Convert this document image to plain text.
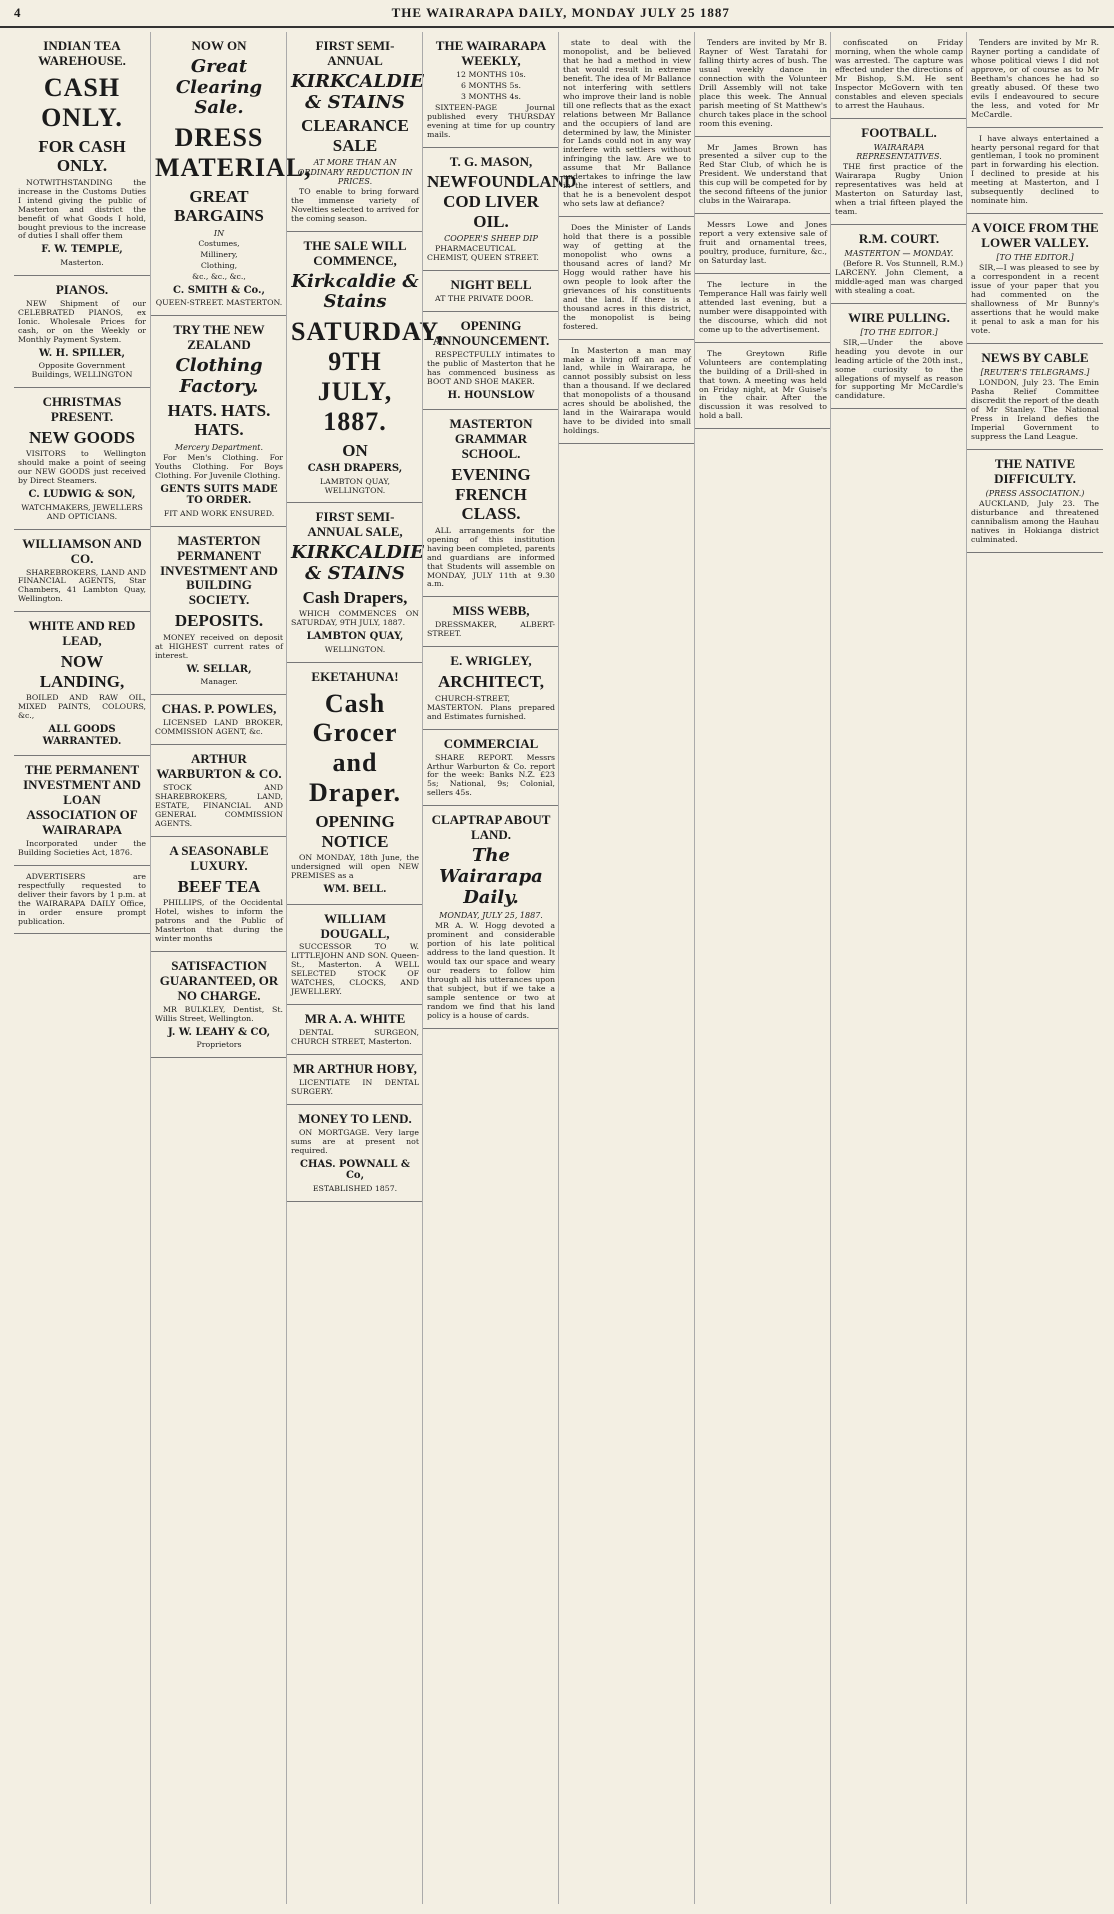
4	THE WAIRARAPA DAILY, MONDAY JULY 25 1887
INDIAN TEA WAREHOUSE.
CASH ONLY.
FOR CASH ONLY.
NOTWITHSTANDING the increase in the Customs Duties I intend giving the public of Masterton and district the benefit of what Goods I hold, bought previous to the increase of duties I shall offer them
F. W. TEMPLE,
Masterton.
PIANOS.
NEW Shipment of our CELEBRATED PIANOS, ex Ionic. Wholesale Prices for cash, or on the Weekly or Monthly Payment System.
W. H. SPILLER,
Opposite Government Buildings, WELLINGTON
CHRISTMAS PRESENT.
NEW GOODS
VISITORS to Wellington should make a point of seeing our NEW GOODS just received by Direct Steamers.
C. LUDWIG & SON,
WATCHMAKERS, JEWELLERS AND OPTICIANS.
WILLIAMSON AND CO.
SHAREBROKERS, LAND AND FINANCIAL AGENTS, Star Chambers, 41 Lambton Quay, Wellington.
WHITE AND RED LEAD,
NOW LANDING,
BOILED AND RAW OIL, MIXED PAINTS, COLOURS, &c.,
ALL GOODS WARRANTED.
THE PERMANENT INVESTMENT AND LOAN ASSOCIATION OF WAIRARAPA
Incorporated under the Building Societies Act, 1876.
ADVERTISERS are respectfully requested to deliver their favors by 1 p.m. at the WAIRARAPA DAILY Office, in order ensure prompt publication.
NOW ON
Great Clearing Sale.
DRESS MATERIAL,
GREAT BARGAINS
IN
Costumes,
Millinery,
Clothing,
&c., &c., &c.,
C. SMITH & Co.,
QUEEN-STREET. MASTERTON.
TRY THE NEW ZEALAND
Clothing Factory.
HATS. HATS. HATS.
Mercery Department.
For Men's Clothing. For Youths Clothing. For Boys Clothing. For Juvenile Clothing.
GENTS SUITS MADE TO ORDER.
FIT AND WORK ENSURED.
MASTERTON PERMANENT INVESTMENT AND BUILDING SOCIETY.
DEPOSITS.
MONEY received on deposit at HIGHEST current rates of interest.
W. SELLAR,
Manager.
CHAS. P. POWLES,
LICENSED LAND BROKER, COMMISSION AGENT, &c.
ARTHUR WARBURTON & CO.
STOCK AND SHAREBROKERS, LAND, ESTATE, FINANCIAL AND GENERAL COMMISSION AGENTS.
A SEASONABLE LUXURY.
BEEF TEA
PHILLIPS, of the Occidental Hotel, wishes to inform the patrons and the Public of Masterton that during the winter months
SATISFACTION GUARANTEED, OR NO CHARGE.
MR BULKLEY, Dentist, St. Willis Street, Wellington.
J. W. LEAHY & CO,
Proprietors
FIRST SEMI-ANNUAL
KIRKCALDIE & STAINS
CLEARANCE SALE
AT MORE THAN AN ORDINARY REDUCTION IN PRICES.
TO enable to bring forward the immense variety of Novelties selected to arrived for the coming season.
THE SALE WILL COMMENCE,
Kirkcaldie & Stains
SATURDAY, 9TH JULY, 1887.
ON
CASH DRAPERS,
LAMBTON QUAY, WELLINGTON.
FIRST SEMI-ANNUAL SALE,
KIRKCALDIE & STAINS
Cash Drapers,
WHICH COMMENCES ON SATURDAY, 9TH JULY, 1887.
LAMBTON QUAY,
WELLINGTON.
EKETAHUNA!
Cash Grocer and Draper.
OPENING NOTICE
ON MONDAY, 18th June, the undersigned will open NEW PREMISES as a
WM. BELL.
WILLIAM DOUGALL,
SUCCESSOR TO W. LITTLEJOHN AND SON. Queen-St., Masterton. A WELL SELECTED STOCK OF WATCHES, CLOCKS, AND JEWELLERY.
MR A. A. WHITE
DENTAL SURGEON, CHURCH STREET, Masterton.
MR ARTHUR HOBY,
LICENTIATE IN DENTAL SURGERY.
MONEY TO LEND.
ON MORTGAGE. Very large sums are at present not required.
CHAS. POWNALL & Co,
ESTABLISHED 1857.
THE WAIRARAPA WEEKLY,
12 MONTHS 10s.
6 MONTHS 5s.
3 MONTHS 4s.
SIXTEEN-PAGE Journal published every THURSDAY evening at time for up country mails.
T. G. MASON,
NEWFOUNDLAND COD LIVER OIL.
COOPER'S SHEEP DIP
PHARMACEUTICAL CHEMIST, QUEEN STREET.
NIGHT BELL
AT THE PRIVATE DOOR.
OPENING ANNOUNCEMENT.
RESPECTFULLY intimates to the public of Masterton that he has commenced business as BOOT AND SHOE MAKER.
H. HOUNSLOW
MASTERTON GRAMMAR SCHOOL.
EVENING FRENCH CLASS.
ALL arrangements for the opening of this institution having been completed, parents and guardians are informed that Students will assemble on MONDAY, JULY 11th at 9.30 a.m.
MISS WEBB,
DRESSMAKER, ALBERT-STREET.
E. WRIGLEY,
ARCHITECT,
CHURCH-STREET, MASTERTON. Plans prepared and Estimates furnished.
COMMERCIAL
SHARE REPORT. Messrs Arthur Warburton & Co. report for the week: Banks N.Z. £23 5s; National, 9s; Colonial, sellers 45s.
CLAPTRAP ABOUT LAND.
The Wairarapa Daily.
MONDAY, JULY 25, 1887.
MR A. W. Hogg devoted a prominent and considerable portion of his late political address to the land question. It would tax our space and weary our readers to follow him through all his utterances upon that subject, but if we take a sample sentence or two at random we find that his land policy is a house of cards.
state to deal with the monopolist, and be believed that he had a method in view that would result in extreme benefit. The idea of Mr Ballance not interfering with settlers who improve their land is noble till one reflects that as the exact relations between Mr Ballance and the occupiers of land are determined by law, the Minister for Lands could not in any way interfere with settlers without infringing the law. Are we to assume that Mr Ballance undertakes to infringe the law in the interest of settlers, and that he is a benevolent despot who sets law at defiance?
Does the Minister of Lands hold that there is a possible way of getting at the monopolist who owns a thousand acres of land? Mr Hogg would rather have his own people to look after the grievances of his constituents and the land. If there is a thousand acres in this district, the monopolist is being fostered.
In Masterton a man may make a living off an acre of land, while in Wairarapa, he cannot possibly subsist on less than a thousand. If we declared that monopolists of a thousand acres should be abolished, the land in the Wairarapa would have to be divided into small holdings.
Tenders are invited by Mr B. Rayner of West Taratahi for falling thirty acres of bush. The usual weekly dance in connection with the Volunteer Drill Assembly will not take place this week. The Annual parish meeting of St Matthew's church takes place in the school room this evening.
Mr James Brown has presented a silver cup to the Red Star Club, of which he is President. We understand that this cup will be competed for by the second fifteens of the junior clubs in the Wairarapa.
Messrs Lowe and Jones report a very extensive sale of fruit and ornamental trees, poultry, produce, furniture, &c., on Saturday last.
The lecture in the Temperance Hall was fairly well attended last evening, but a number were disappointed with the discourse, which did not come up to the advertisement.
The Greytown Rifle Volunteers are contemplating the building of a Drill-shed in that town. A meeting was held on Friday night, at Mr Guise's in the chair. After the discussion it was resolved to hold a ball.
confiscated on Friday morning, when the whole camp was arrested. The capture was effected under the directions of Mr Bishop, S.M. He sent Inspector McGovern with ten constables and eleven specials to arrest the Hauhaus.
FOOTBALL.
WAIRARAPA REPRESENTATIVES.
THE first practice of the Wairarapa Rugby Union representatives was held at Masterton on Saturday last, when a trial fifteen played the team.
R.M. COURT.
MASTERTON — MONDAY.
(Before R. Vos Stunnell, R.M.) LARCENY. John Clement, a middle-aged man was charged with stealing a coat.
WIRE PULLING.
[TO THE EDITOR.]
SIR,—Under the above heading you devote in our leading article of the 20th inst., some curiosity to the allegations of myself as reason for supporting Mr McCardle's candidature.
Tenders are invited by Mr R. Rayner porting a candidate of whose political views I did not approve, or of course as to Mr Beetham's chances he had so greatly abused. Of these two evils I endeavoured to secure the less, and voted for Mr McCardle.
I have always entertained a hearty personal regard for that gentleman, I took no prominent part in forwarding his election. I declined to preside at his meeting at Masterton, and I subsequently declined to nominate him.
A VOICE FROM THE LOWER VALLEY.
[TO THE EDITOR.]
SIR,—I was pleased to see by a correspondent in a recent issue of your paper that you had commented on the shallowness of Mr Bunny's assertions that he would make it penal to ask a man for his vote.
NEWS BY CABLE
[REUTER'S TELEGRAMS.]
LONDON, July 23. The Emin Pasha Relief Committee discredit the report of the death of Mr Stanley. The National Press in Ireland defies the Imperial Government to suppress the Land League.
THE NATIVE DIFFICULTY.
(PRESS ASSOCIATION.)
AUCKLAND, July 23. The disturbance and threatened cannibalism among the Hauhau natives in Hokianga district culminated.
